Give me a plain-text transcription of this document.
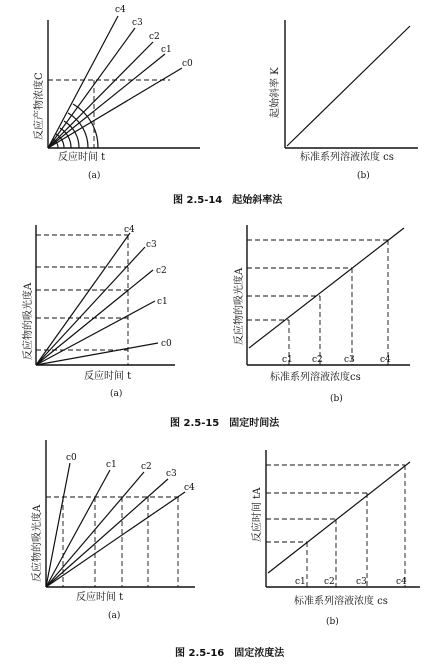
c4
c3
c2
c1
c0
反应产物浓度C
反应时间 t
(a)
起始斜率 K
标准系列溶液浓度 cs
(b)
图 2.5-14　起始斜率法
c4
c3
c2
c1
c0
反应物的吸光度A
反应时间 t
(a)
c1 c2 c3	c4
反应物的吸光度A
标准系列溶液浓度cs
(b)
图 2.5-15　固定时间法
c0
c1	c2
c3
c4
反应物的吸光度A
反应时间 t
(a)
c1 c2 c3	c4
反应时间 tA
标准系列溶液浓度 cs
(b)
图 2.5-16　固定浓度法
